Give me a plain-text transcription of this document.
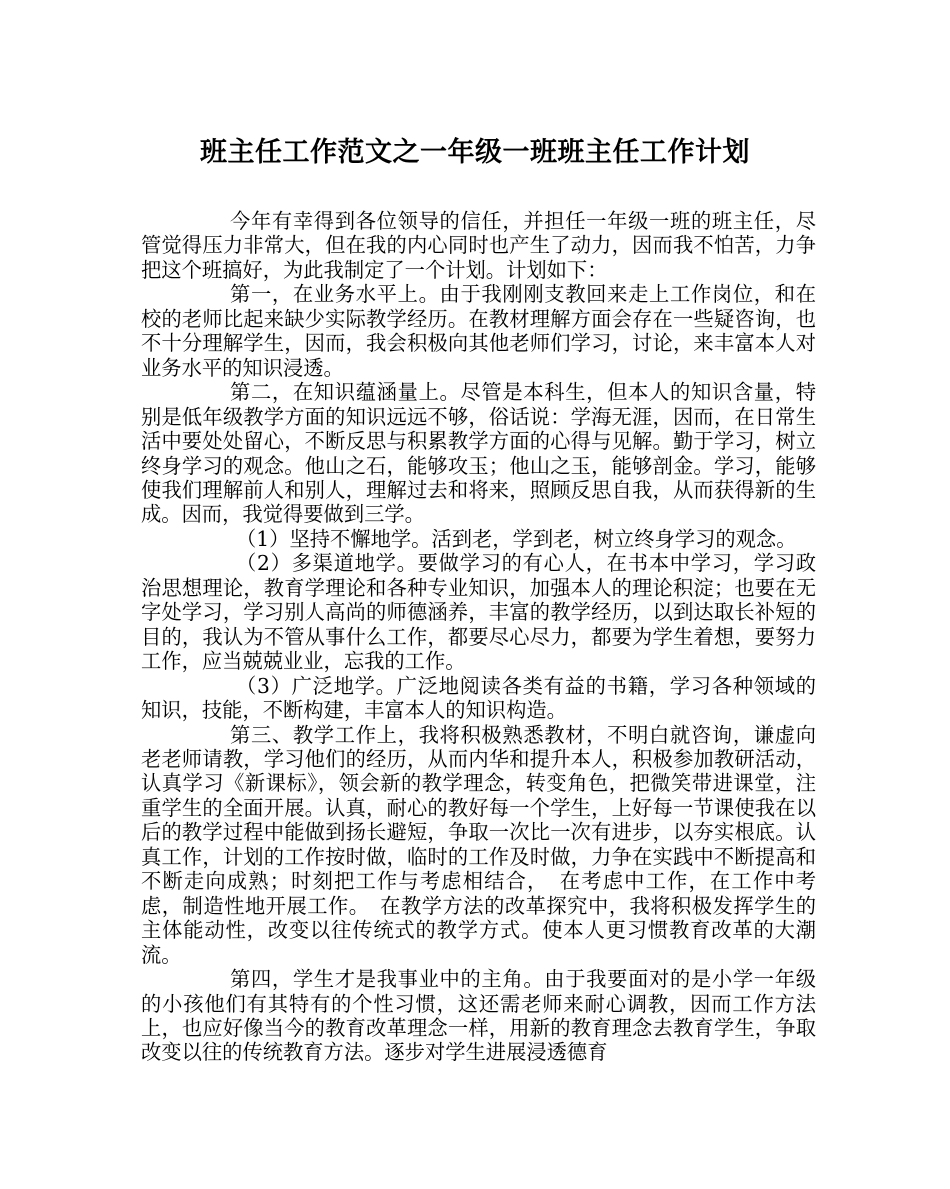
班主任工作范文之一年级一班班主任工作计划

今年有幸得到各位领导的信任，并担任一年级一班的班主任，尽管觉得压力非常大，但在我的内心同时也产生了动力，因而我不怕苦，力争把这个班搞好，为此我制定了一个计划。计划如下：

第一，在业务水平上。由于我刚刚支教回来走上工作岗位，和在校的老师比起来缺少实际教学经历。在教材理解方面会存在一些疑咨询，也不十分理解学生，因而，我会积极向其他老师们学习，讨论，来丰富本人对业务水平的知识浸透。

第二，在知识蕴涵量上。尽管是本科生，但本人的知识含量，特别是低年级教学方面的知识远远不够，俗话说：学海无涯，因而，在日常生活中要处处留心，不断反思与积累教学方面的心得与见解。勤于学习，树立终身学习的观念。他山之石，能够攻玉；他山之玉，能够剖金。学习，能够使我们理解前人和别人，理解过去和将来，照顾反思自我，从而获得新的生成。因而，我觉得要做到三学。

（1）坚持不懈地学。活到老，学到老，树立终身学习的观念。

（2）多渠道地学。要做学习的有心人，在书本中学习，学习政治思想理论，教育学理论和各种专业知识，加强本人的理论积淀；也要在无字处学习，学习别人高尚的师德涵养，丰富的教学经历，以到达取长补短的目的，我认为不管从事什么工作，都要尽心尽力，都要为学生着想，要努力工作，应当兢兢业业，忘我的工作。

（3）广泛地学。广泛地阅读各类有益的书籍，学习各种领域的知识，技能，不断构建，丰富本人的知识构造。

第三、教学工作上，我将积极熟悉教材，不明白就咨询，谦虚向老老师请教，学习他们的经历，从而内华和提升本人，积极参加教研活动，认真学习《新课标》，领会新的教学理念，转变角色，把微笑带进课堂，注重学生的全面开展。认真，耐心的教好每一个学生，上好每一节课使我在以后的教学过程中能做到扬长避短，争取一次比一次有进步，以夯实根底。认真工作，计划的工作按时做，临时的工作及时做，力争在实践中不断提高和不断走向成熟；时刻把工作与考虑相结合，　在考虑中工作，在工作中考虑，制造性地开展工作。　在教学方法的改革探究中，我将积极发挥学生的主体能动性，改变以往传统式的教学方式。使本人更习惯教育改革的大潮流。

第四，学生才是我事业中的主角。由于我要面对的是小学一年级的小孩他们有其特有的个性习惯，这还需老师来耐心调教，因而工作方法上，也应好像当今的教育改革理念一样，用新的教育理念去教育学生，争取改变以往的传统教育方法。逐步对学生进展浸透德育
